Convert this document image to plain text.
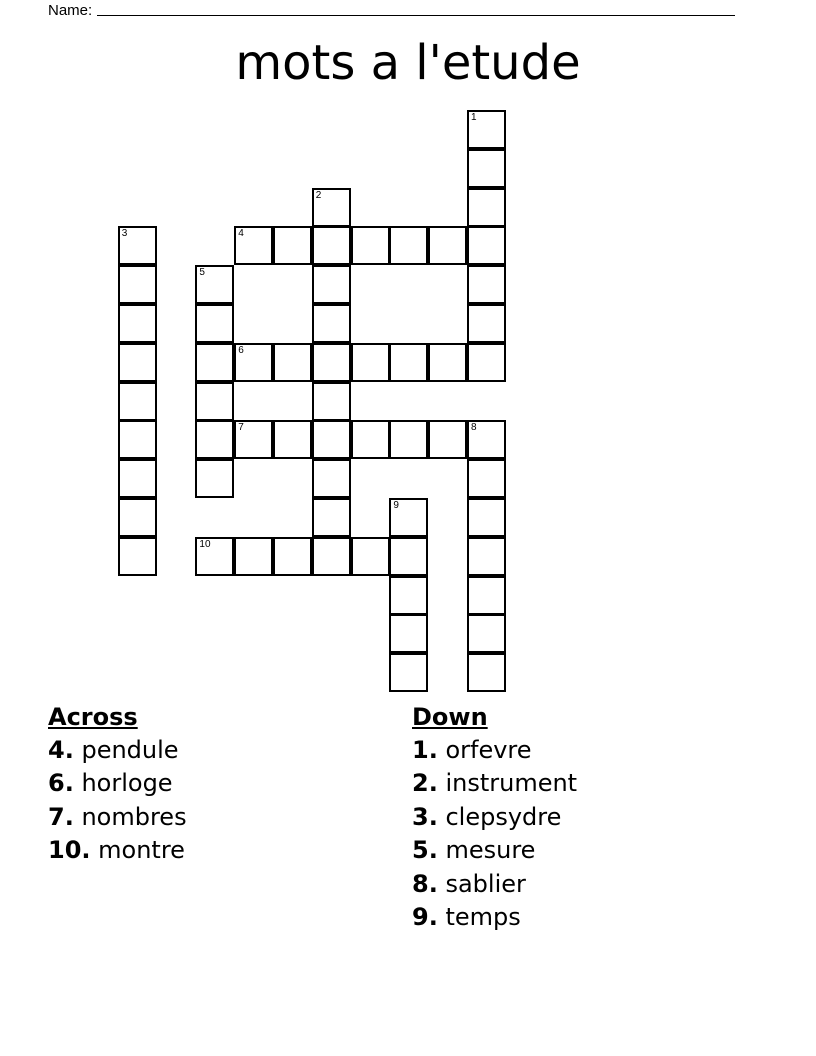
Name:
mots a l'etude
4
6
7	8
10
1
2
3
5
9
Across
4. pendule
6. horloge
7. nombres
10. montre
Down
1. orfevre
2. instrument
3. clepsydre
5. mesure
8. sablier
9. temps
